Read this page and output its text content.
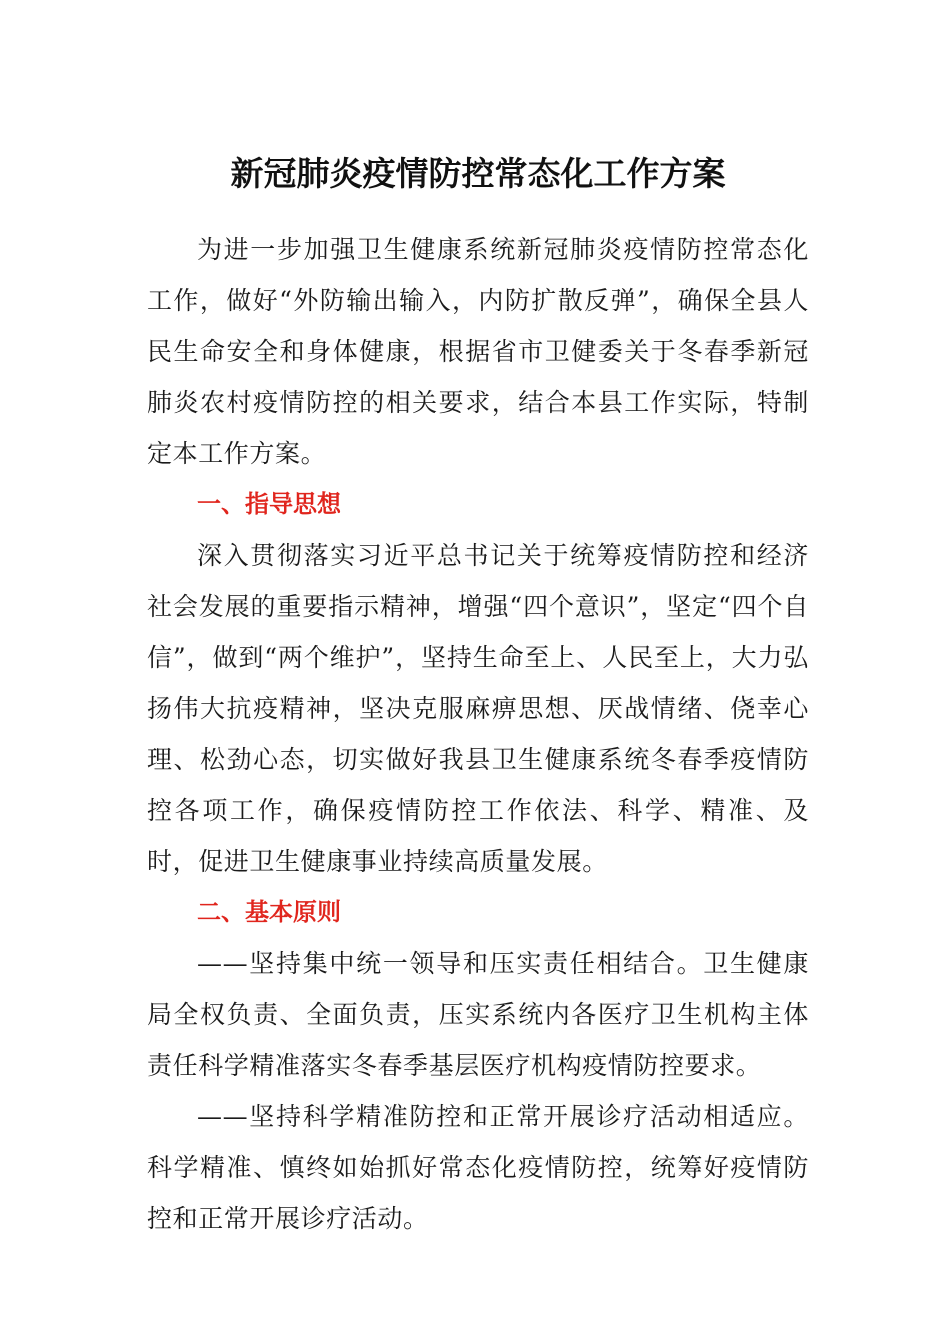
新冠肺炎疫情防控常态化工作方案

为进一步加强卫生健康系统新冠肺炎疫情防控常态化工作，做好“外防输出输入，内防扩散反弹”，确保全县人民生命安全和身体健康，根据省市卫健委关于冬春季新冠肺炎农村疫情防控的相关要求，结合本县工作实际，特制定本工作方案。

一、指导思想

深入贯彻落实习近平总书记关于统筹疫情防控和经济社会发展的重要指示精神，增强“四个意识”，坚定“四个自信”，做到“两个维护”，坚持生命至上、人民至上，大力弘扬伟大抗疫精神，坚决克服麻痹思想、厌战情绪、侥幸心理、松劲心态，切实做好我县卫生健康系统冬春季疫情防控各项工作，确保疫情防控工作依法、科学、精准、及时，促进卫生健康事业持续高质量发展。

二、基本原则

——坚持集中统一领导和压实责任相结合。卫生健康局全权负责、全面负责，压实系统内各医疗卫生机构主体责任科学精准落实冬春季基层医疗机构疫情防控要求。

——坚持科学精准防控和正常开展诊疗活动相适应。科学精准、慎终如始抓好常态化疫情防控，统筹好疫情防控和正常开展诊疗活动。
